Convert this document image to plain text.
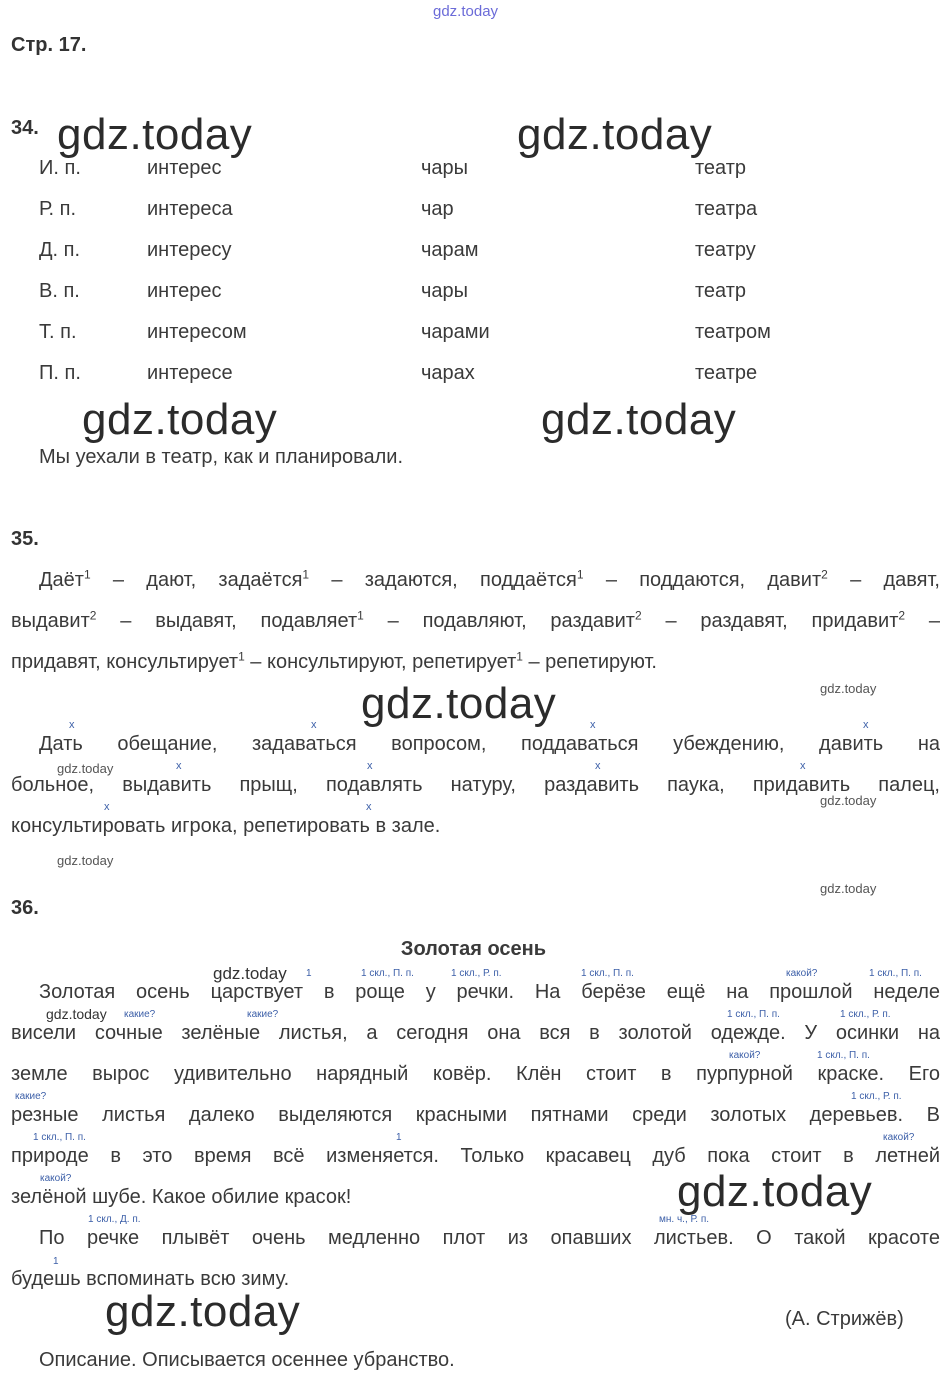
gdz.today
Стр. 17.
34. gdz.today	gdz.today
И. п.	интерес	чары	театр
Р. п.	интереса	чар	театра
Д. п.	интересу	чарам	театру
В. п.	интерес	чары	театр
Т. п.	интересом	чарами	театром
П. п.	интересе	чарах	театре
gdz.today	gdz.today
Мы уехали в театр, как и планировали.
35.
Даёт$^1$ – дают, задаётся$^1$ – задаются, поддаётся$^1$ – поддаются, давит$^2$ – давят,
выдавит$^2$ – выдавят, подавляет$^1$ – подавляют, раздавит$^2$ – раздавят, придавит$^2$ –
придавят, консультирует$^1$ – консультируют, репетирует$^1$ – репетируют.
gdz.today
gdz.today
х	х	х	х
х	х	х	х
х	х
Дать обещание, задаваться вопросом, поддаваться убеждению, давить на
gdz.today
больное, выдавить прыщ, подавлять натуру, раздавить паука, придавить палец,
gdz.today
консультировать игрока, репетировать в зале.
gdz.today
gdz.today
36.
Золотая осень
gdz.today 1	1 скл., П. п.	1 скл., Р. п.	1 скл., П. п.	какой?	1 скл., П. п.
Золотая осень царствует в роще у речки. На берёзе ещё на прошлой неделе
gdz.today какие?	какие?	1 скл., П. п.	1 скл., Р. п.
висели сочные зелёные листья, а сегодня она вся в золотой одежде. У осинки на
какой?	1 скл., П. п.
земле вырос удивительно нарядный ковёр. Клён стоит в пурпурной краске. Его
какие?	1 скл., Р. п.
резные листья далеко выделяются красными пятнами среди золотых деревьев. В
1 скл., П. п.	1	какой?
природе в это время всё изменяется. Только красавец дуб пока стоит в летней
какой?
зелёной шубе. Какое обилие красок!	gdz.today
1 скл., Д. п.	мн. ч., Р. п.
По речке плывёт очень медленно плот из опавших листьев. О такой красоте
1
будешь вспоминать всю зиму.
gdz.today	(А. Стрижёв)
Описание. Описывается осеннее убранство.
